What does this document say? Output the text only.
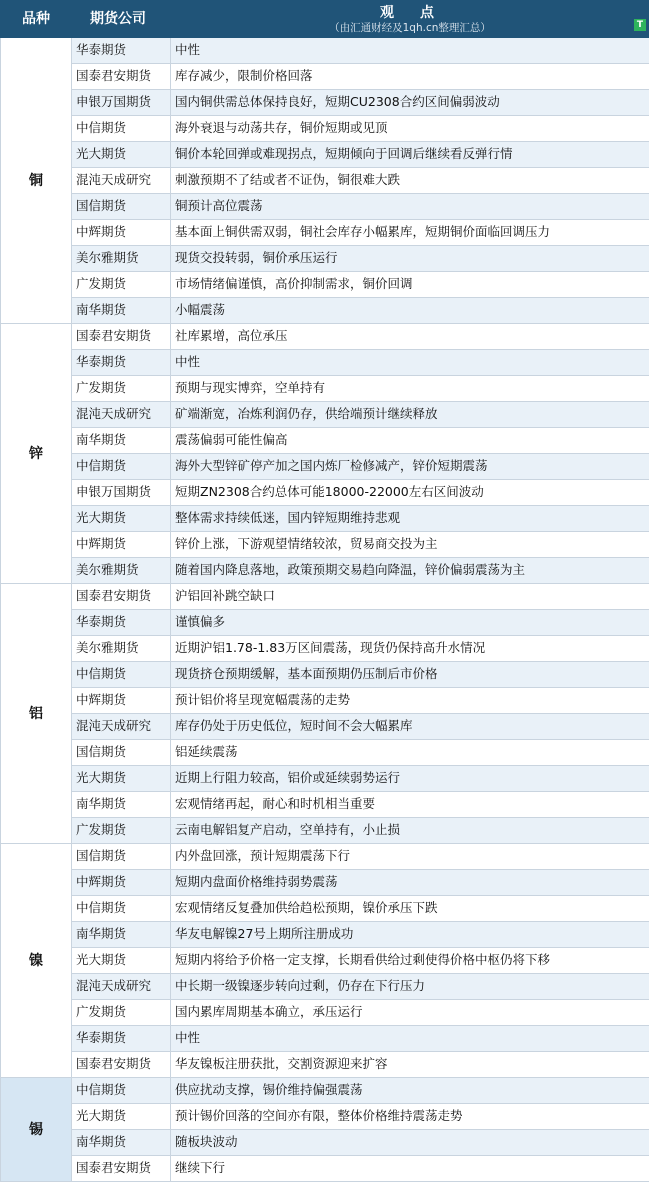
品种	期货公司	观　点
（由汇通财经及1qh.cn整理汇总） T

铜	华泰期货	中性
	国泰君安期货	库存减少，限制价格回落
	申银万国期货	国内铜供需总体保持良好，短期CU2308合约区间偏弱波动
	中信期货	海外衰退与动荡共存，铜价短期或见顶
	光大期货	铜价本轮回弹或难现拐点，短期倾向于回调后继续看反弹行情
	混沌天成研究	刺激预期不了结或者不证伪，铜很难大跌
	国信期货	铜预计高位震荡
	中辉期货	基本面上铜供需双弱，铜社会库存小幅累库，短期铜价面临回调压力
	美尔雅期货	现货交投转弱，铜价承压运行
	广发期货	市场情绪偏谨慎，高价抑制需求，铜价回调
	南华期货	小幅震荡
锌	国泰君安期货	社库累增，高位承压
	华泰期货	中性
	广发期货	预期与现实博弈，空单持有
	混沌天成研究	矿端渐宽，冶炼利润仍存，供给端预计继续释放
	南华期货	震荡偏弱可能性偏高
	中信期货	海外大型锌矿停产加之国内炼厂检修减产，锌价短期震荡
	申银万国期货	短期ZN2308合约总体可能18000-22000左右区间波动
	光大期货	整体需求持续低迷，国内锌短期维持悲观
	中辉期货	锌价上涨，下游观望情绪较浓，贸易商交投为主
	美尔雅期货	随着国内降息落地，政策预期交易趋向降温，锌价偏弱震荡为主
铝	国泰君安期货	沪铝回补跳空缺口
	华泰期货	谨慎偏多
	美尔雅期货	近期沪铝1.78-1.83万区间震荡，现货仍保持高升水情况
	中信期货	现货挤仓预期缓解，基本面预期仍压制后市价格
	中辉期货	预计铝价将呈现宽幅震荡的走势
	混沌天成研究	库存仍处于历史低位，短时间不会大幅累库
	国信期货	铝延续震荡
	光大期货	近期上行阻力较高，铝价或延续弱势运行
	南华期货	宏观情绪再起，耐心和时机相当重要
	广发期货	云南电解铝复产启动，空单持有，小止损
镍	国信期货	内外盘回涨，预计短期震荡下行
	中辉期货	短期内盘面价格维持弱势震荡
	中信期货	宏观情绪反复叠加供给趋松预期，镍价承压下跌
	南华期货	华友电解镍27号上期所注册成功
	光大期货	短期内将给予价格一定支撑，长期看供给过剩使得价格中枢仍将下移
	混沌天成研究	中长期一级镍逐步转向过剩，仍存在下行压力
	广发期货	国内累库周期基本确立，承压运行
	华泰期货	中性
	国泰君安期货	华友镍板注册获批，交割资源迎来扩容
锡	中信期货	供应扰动支撑，锡价维持偏强震荡
	光大期货	预计锡价回落的空间亦有限，整体价格维持震荡走势
	南华期货	随板块波动
	国泰君安期货	继续下行
